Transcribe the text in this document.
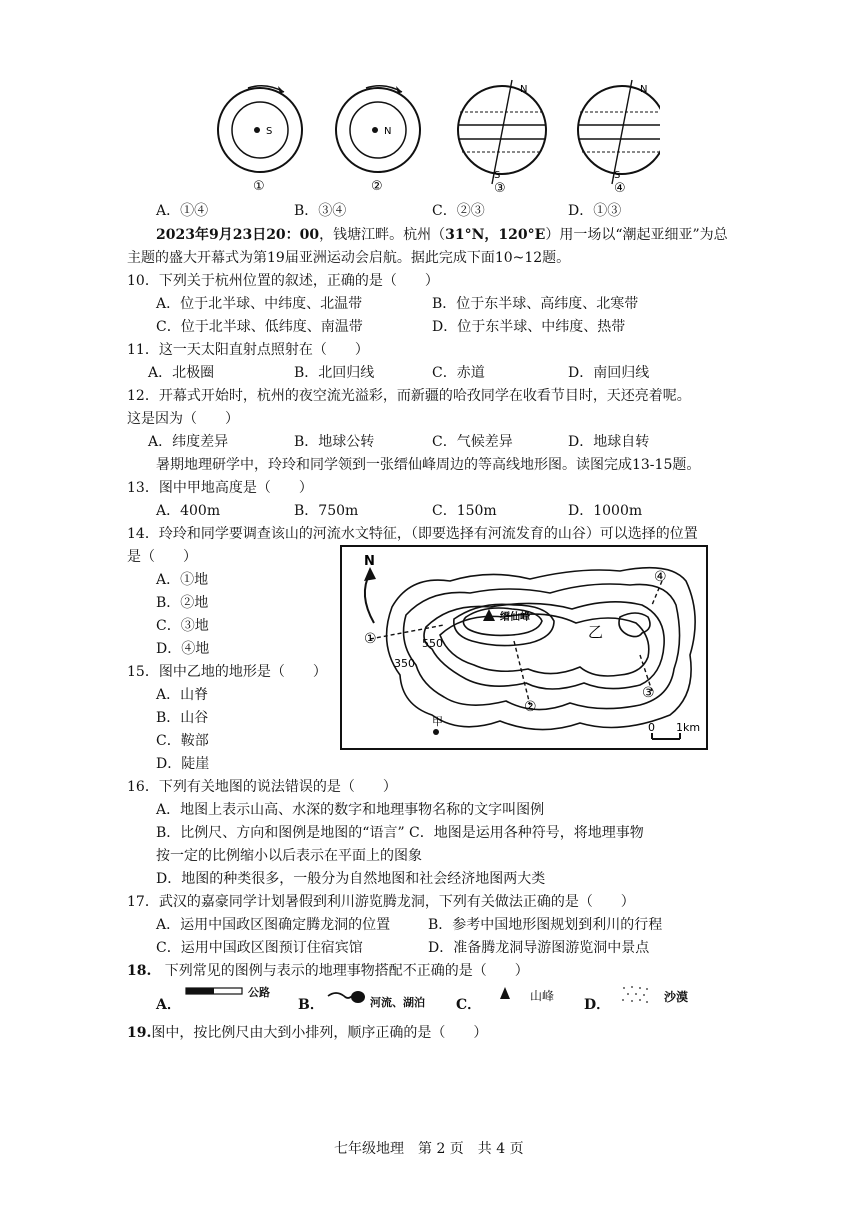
S
①
N
②
N
S
③
N
S
④
A．①④	B．③④	C．②③	D．①③
2023年9月23日20：00，钱塘江畔。杭州（31°N，120°E）用一场以“潮起亚细亚”为总
主题的盛大开幕式为第19届亚洲运动会启航。据此完成下面10~12题。
10．下列关于杭州位置的叙述，正确的是（　　）
A．位于北半球、中纬度、北温带	B．位于东半球、高纬度、北寒带
C．位于北半球、低纬度、南温带	D．位于东半球、中纬度、热带
11．这一天太阳直射点照射在（　　）
A．北极圈	B．北回归线	C．赤道	D．南回归线
12．开幕式开始时，杭州的夜空流光溢彩，而新疆的哈孜同学在收看节目时，天还亮着呢。
这是因为（　　）
A．纬度差异	B．地球公转	C．气候差异	D．地球自转
暑期地理研学中，玲玲和同学领到一张缙仙峰周边的等高线地形图。读图完成13-15题。
13．图中甲地高度是（　　）
A．400m	B．750m	C．150m	D．1000m
14．玲玲和同学要调查该山的河流水文特征，（即要选择有河流发育的山谷）可以选择的位置
是（　　）
A．①地
B．②地
C．③地
D．④地
15．图中乙地的地形是（　　）
A．山脊
B．山谷
C．鞍部
D．陡崖
N
缙仙峰
乙
550
350
甲
①
②
③
④
0 1km
16．下列有关地图的说法错误的是（　　）
A．地图上表示山高、水深的数字和地理事物名称的文字叫图例
B．比例尺、方向和图例是地图的“语言” C．地图是运用各种符号，将地理事物
按一定的比例缩小以后表示在平面上的图象
D．地图的种类很多，一般分为自然地图和社会经济地图两大类
17．武汉的嘉豪同学计划暑假到利川游览腾龙洞，下列有关做法正确的是（　　）
A．运用中国政区图确定腾龙洞的位置	B．参考中国地形图规划到利川的行程
C．运用中国政区图预订住宿宾馆	D．准备腾龙洞导游图游览洞中景点
18. 下列常见的图例与表示的地理事物搭配不正确的是（　　）
A．
公路
B．	河流、湖泊 C．
山峰
D．	沙漠
19.图中，按比例尺由大到小排列，顺序正确的是（　　）
七年级地理　第 2 页　共 4 页
